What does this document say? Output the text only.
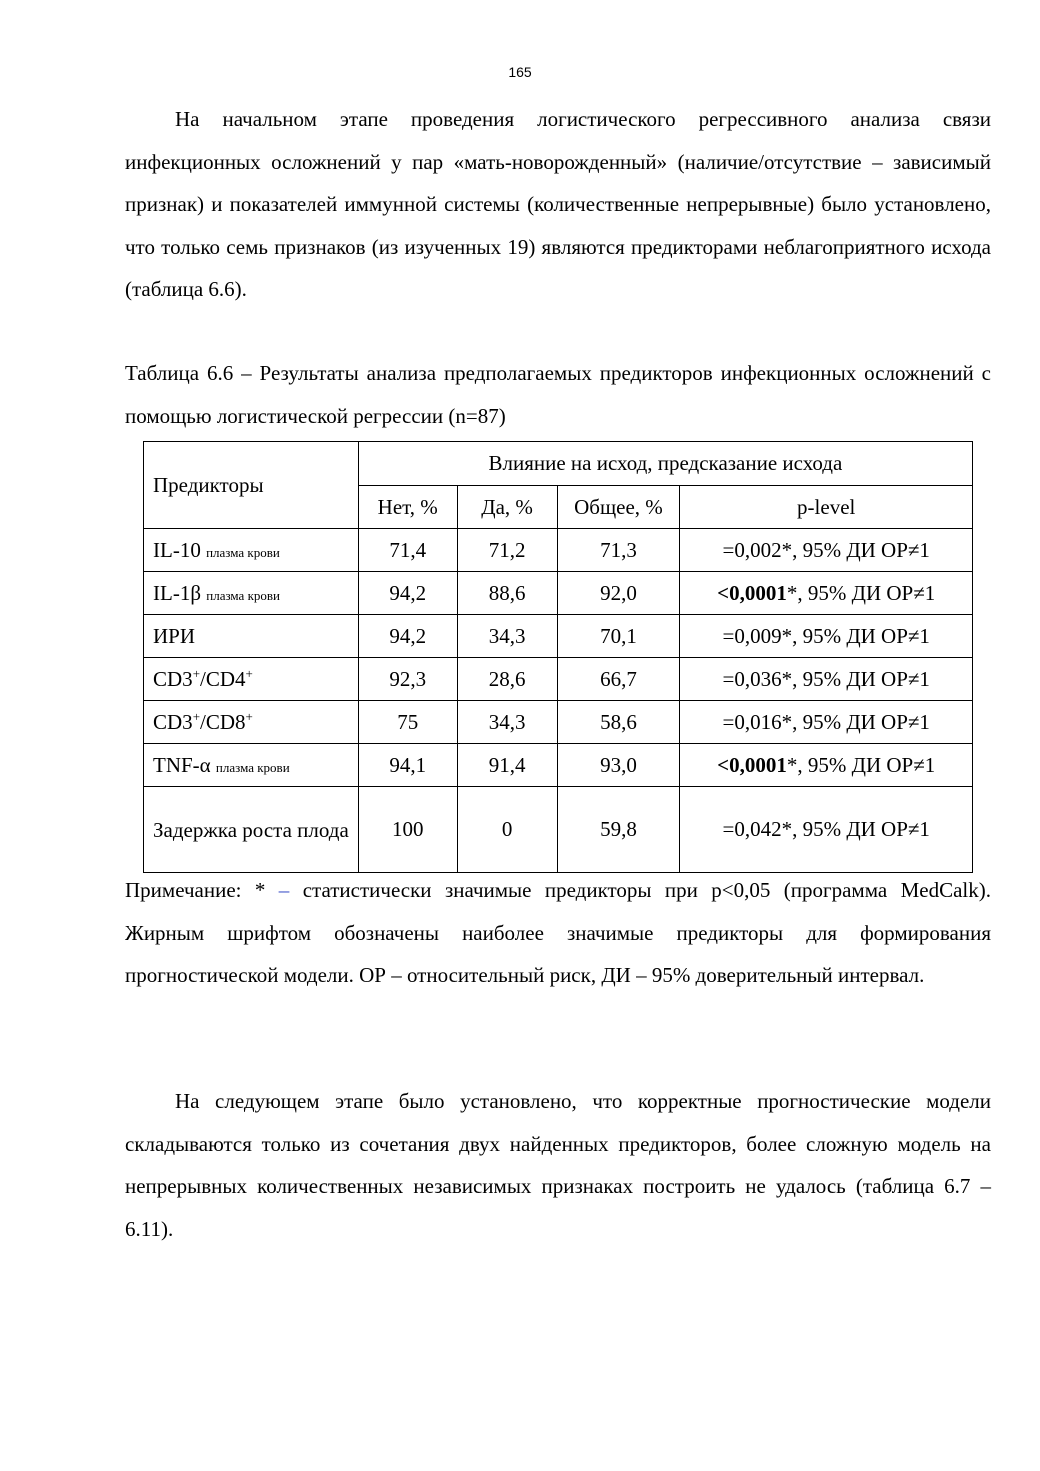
165

На начальном этапе проведения логистического регрессивного анализа связи инфекционных осложнений у пар «мать-новорожденный» (наличие/отсутствие – зависимый признак) и показателей иммунной системы (количественные непрерывные) было установлено, что только семь признаков (из изученных 19) являются предикторами неблагоприятного исхода (таблица 6.6).

Таблица 6.6 – Результаты анализа предполагаемых предикторов инфекционных осложнений с помощью логистической регрессии (n=87)

Предикторы	Влияние на исход, предсказание исхода			
	Нет, %	Да, %	Общее, %	p-level
IL-10 плазма крови	71,4	71,2	71,3	=0,002*, 95% ДИ ОР≠1
IL-1β плазма крови	94,2	88,6	92,0	<0,0001*, 95% ДИ ОР≠1
ИРИ	94,2	34,3	70,1	=0,009*, 95% ДИ ОР≠1
CD3+/CD4+	92,3	28,6	66,7	=0,036*, 95% ДИ ОР≠1
CD3+/CD8+	75	34,3	58,6	=0,016*, 95% ДИ ОР≠1
TNF-α плазма крови	94,1	91,4	93,0	<0,0001*, 95% ДИ ОР≠1
Задержка роста плода	100	0	59,8	=0,042*, 95% ДИ ОР≠1

Примечание: * – статистически значимые предикторы при p<0,05 (программа MedCalk). Жирным шрифтом обозначены наиболее значимые предикторы для формирования прогностической модели. ОР – относительный риск, ДИ – 95% доверительный интервал.

На следующем этапе было установлено, что корректные прогностические модели складываются только из сочетания двух найденных предикторов, более сложную модель на непрерывных количественных независимых признаках построить не удалось (таблица 6.7 – 6.11).
